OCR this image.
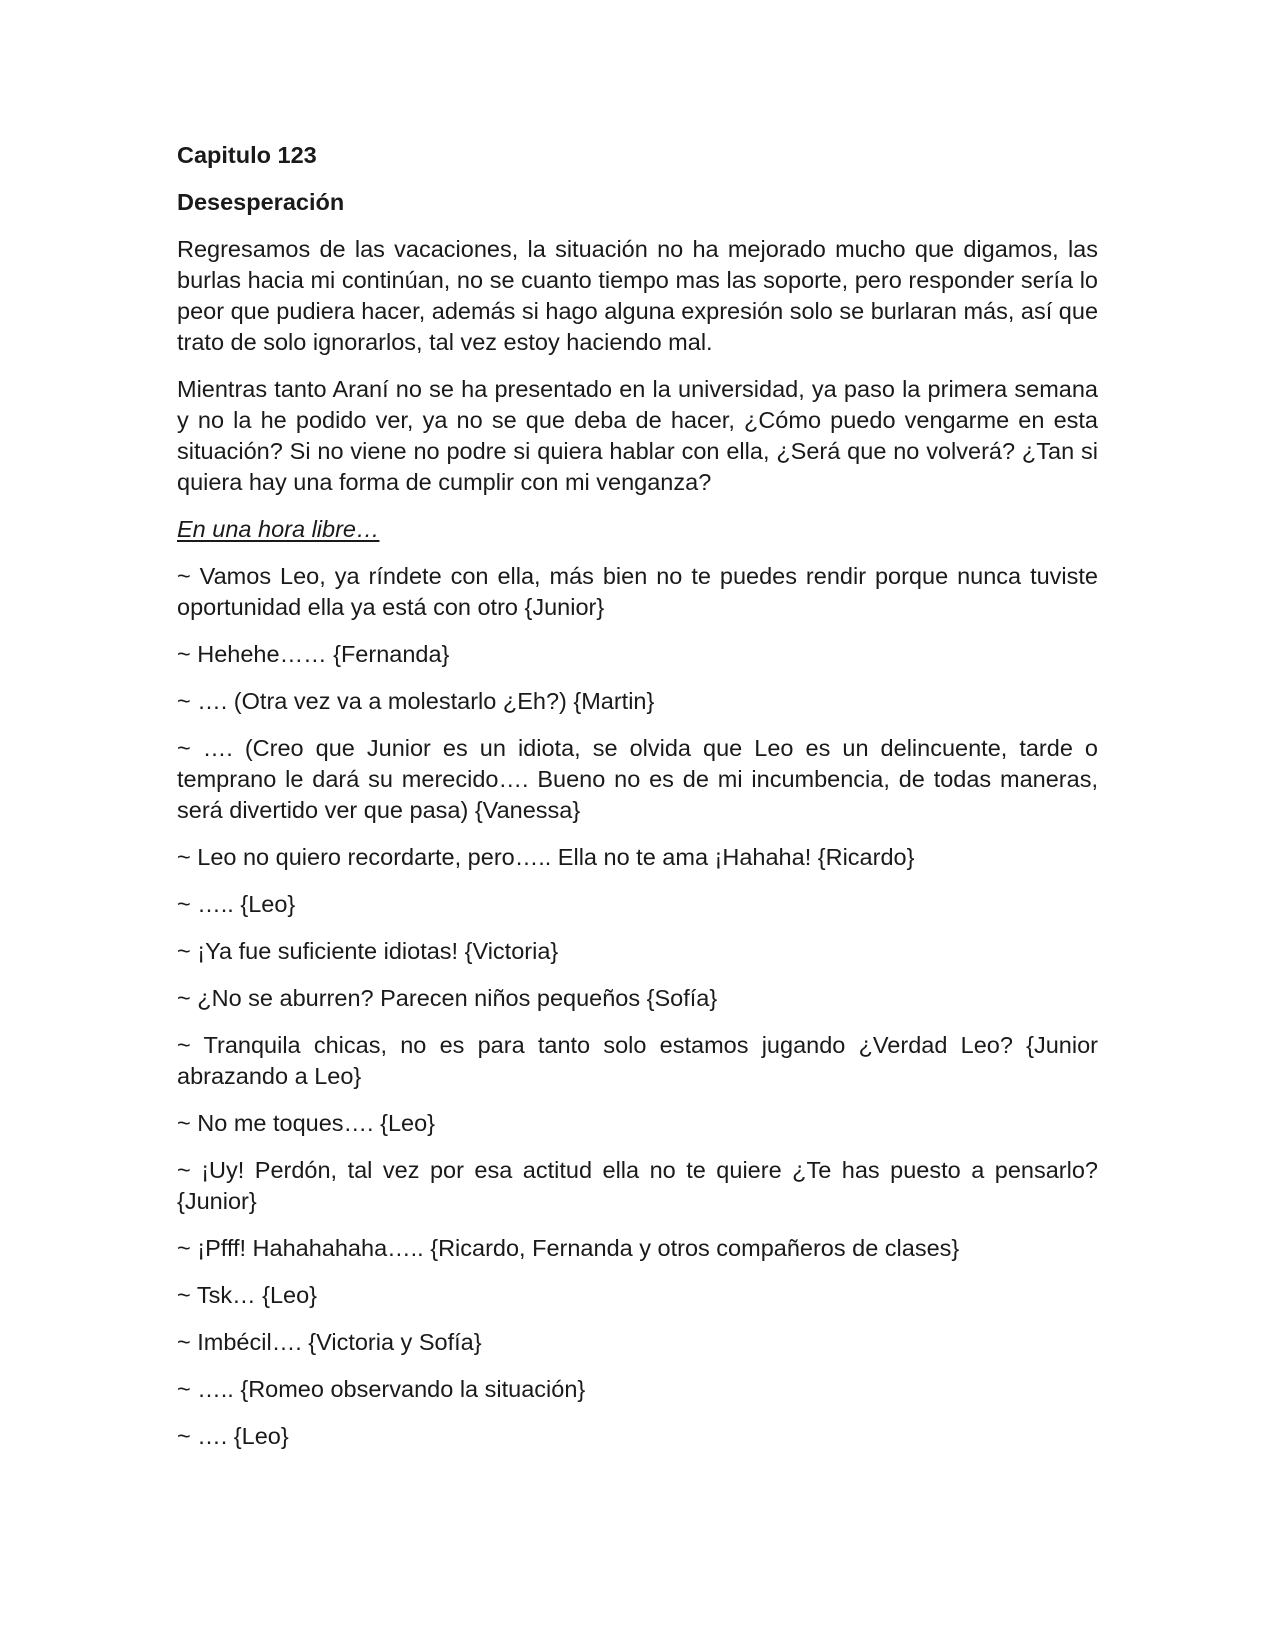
Capitulo 123

Desesperación

Regresamos de las vacaciones, la situación no ha mejorado mucho que digamos, las burlas hacia mi continúan, no se cuanto tiempo mas las soporte, pero responder sería lo peor que pudiera hacer, además si hago alguna expresión solo se burlaran más, así que trato de solo ignorarlos, tal vez estoy haciendo mal.

Mientras tanto Araní no se ha presentado en la universidad, ya paso la primera semana y no la he podido ver, ya no se que deba de hacer, ¿Cómo puedo vengarme en esta situación? Si no viene no podre si quiera hablar con ella, ¿Será que no volverá? ¿Tan si quiera hay una forma de cumplir con mi venganza?

En una hora libre…

~ Vamos Leo, ya ríndete con ella, más bien no te puedes rendir porque nunca tuviste oportunidad ella ya está con otro {Junior}

~ Hehehe…… {Fernanda}

~ …. (Otra vez va a molestarlo ¿Eh?) {Martin}

~ …. (Creo que Junior es un idiota, se olvida que Leo es un delincuente, tarde o temprano le dará su merecido…. Bueno no es de mi incumbencia, de todas maneras, será divertido ver que pasa) {Vanessa}

~ Leo no quiero recordarte, pero….. Ella no te ama ¡Hahaha! {Ricardo}

~ ….. {Leo}

~ ¡Ya fue suficiente idiotas! {Victoria}

~ ¿No se aburren? Parecen niños pequeños {Sofía}

~ Tranquila chicas, no es para tanto solo estamos jugando ¿Verdad Leo? {Junior abrazando a Leo}

~ No me toques…. {Leo}

~ ¡Uy! Perdón, tal vez por esa actitud ella no te quiere ¿Te has puesto a pensarlo? {Junior}

~ ¡Pfff! Hahahahaha….. {Ricardo, Fernanda y otros compañeros de clases}

~ Tsk… {Leo}

~ Imbécil…. {Victoria y Sofía}

~ ….. {Romeo observando la situación}

~ …. {Leo}
